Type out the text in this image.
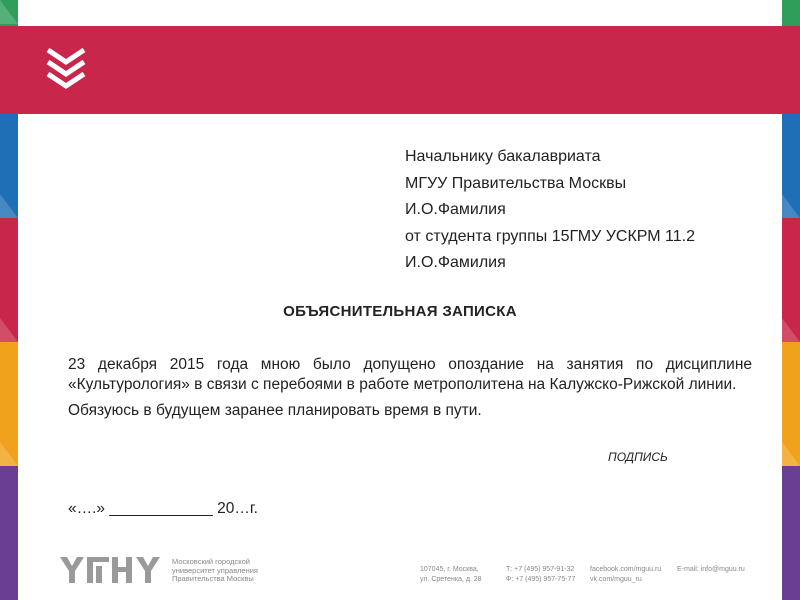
Начальнику бакалавриата
МГУУ Правительства Москвы
И.О.Фамилия
от студента группы 15ГМУ УСКРМ 11.2
И.О.Фамилия
ОБЪЯСНИТЕЛЬНАЯ ЗАПИСКА

23 декабря 2015 года мною было допущено опоздание на занятия по дисциплине «Культурология» в связи с перебоями в работе метрополитена на Калужско-Рижской линии.

Обязуюсь в будущем заранее планировать время в пути.

ПОДПИСЬ
«….» ____________ 20…г.
Московский городской
университет управления
Правительства Москвы
107045, г. Москва,
ул. Сретенка, д. 28
Т: +7 (495) 957-91-32
Ф: +7 (495) 957-75-77
facebook.com/mguu.ru
vk.com/mguu_ru
E-mail: info@mguu.ru
